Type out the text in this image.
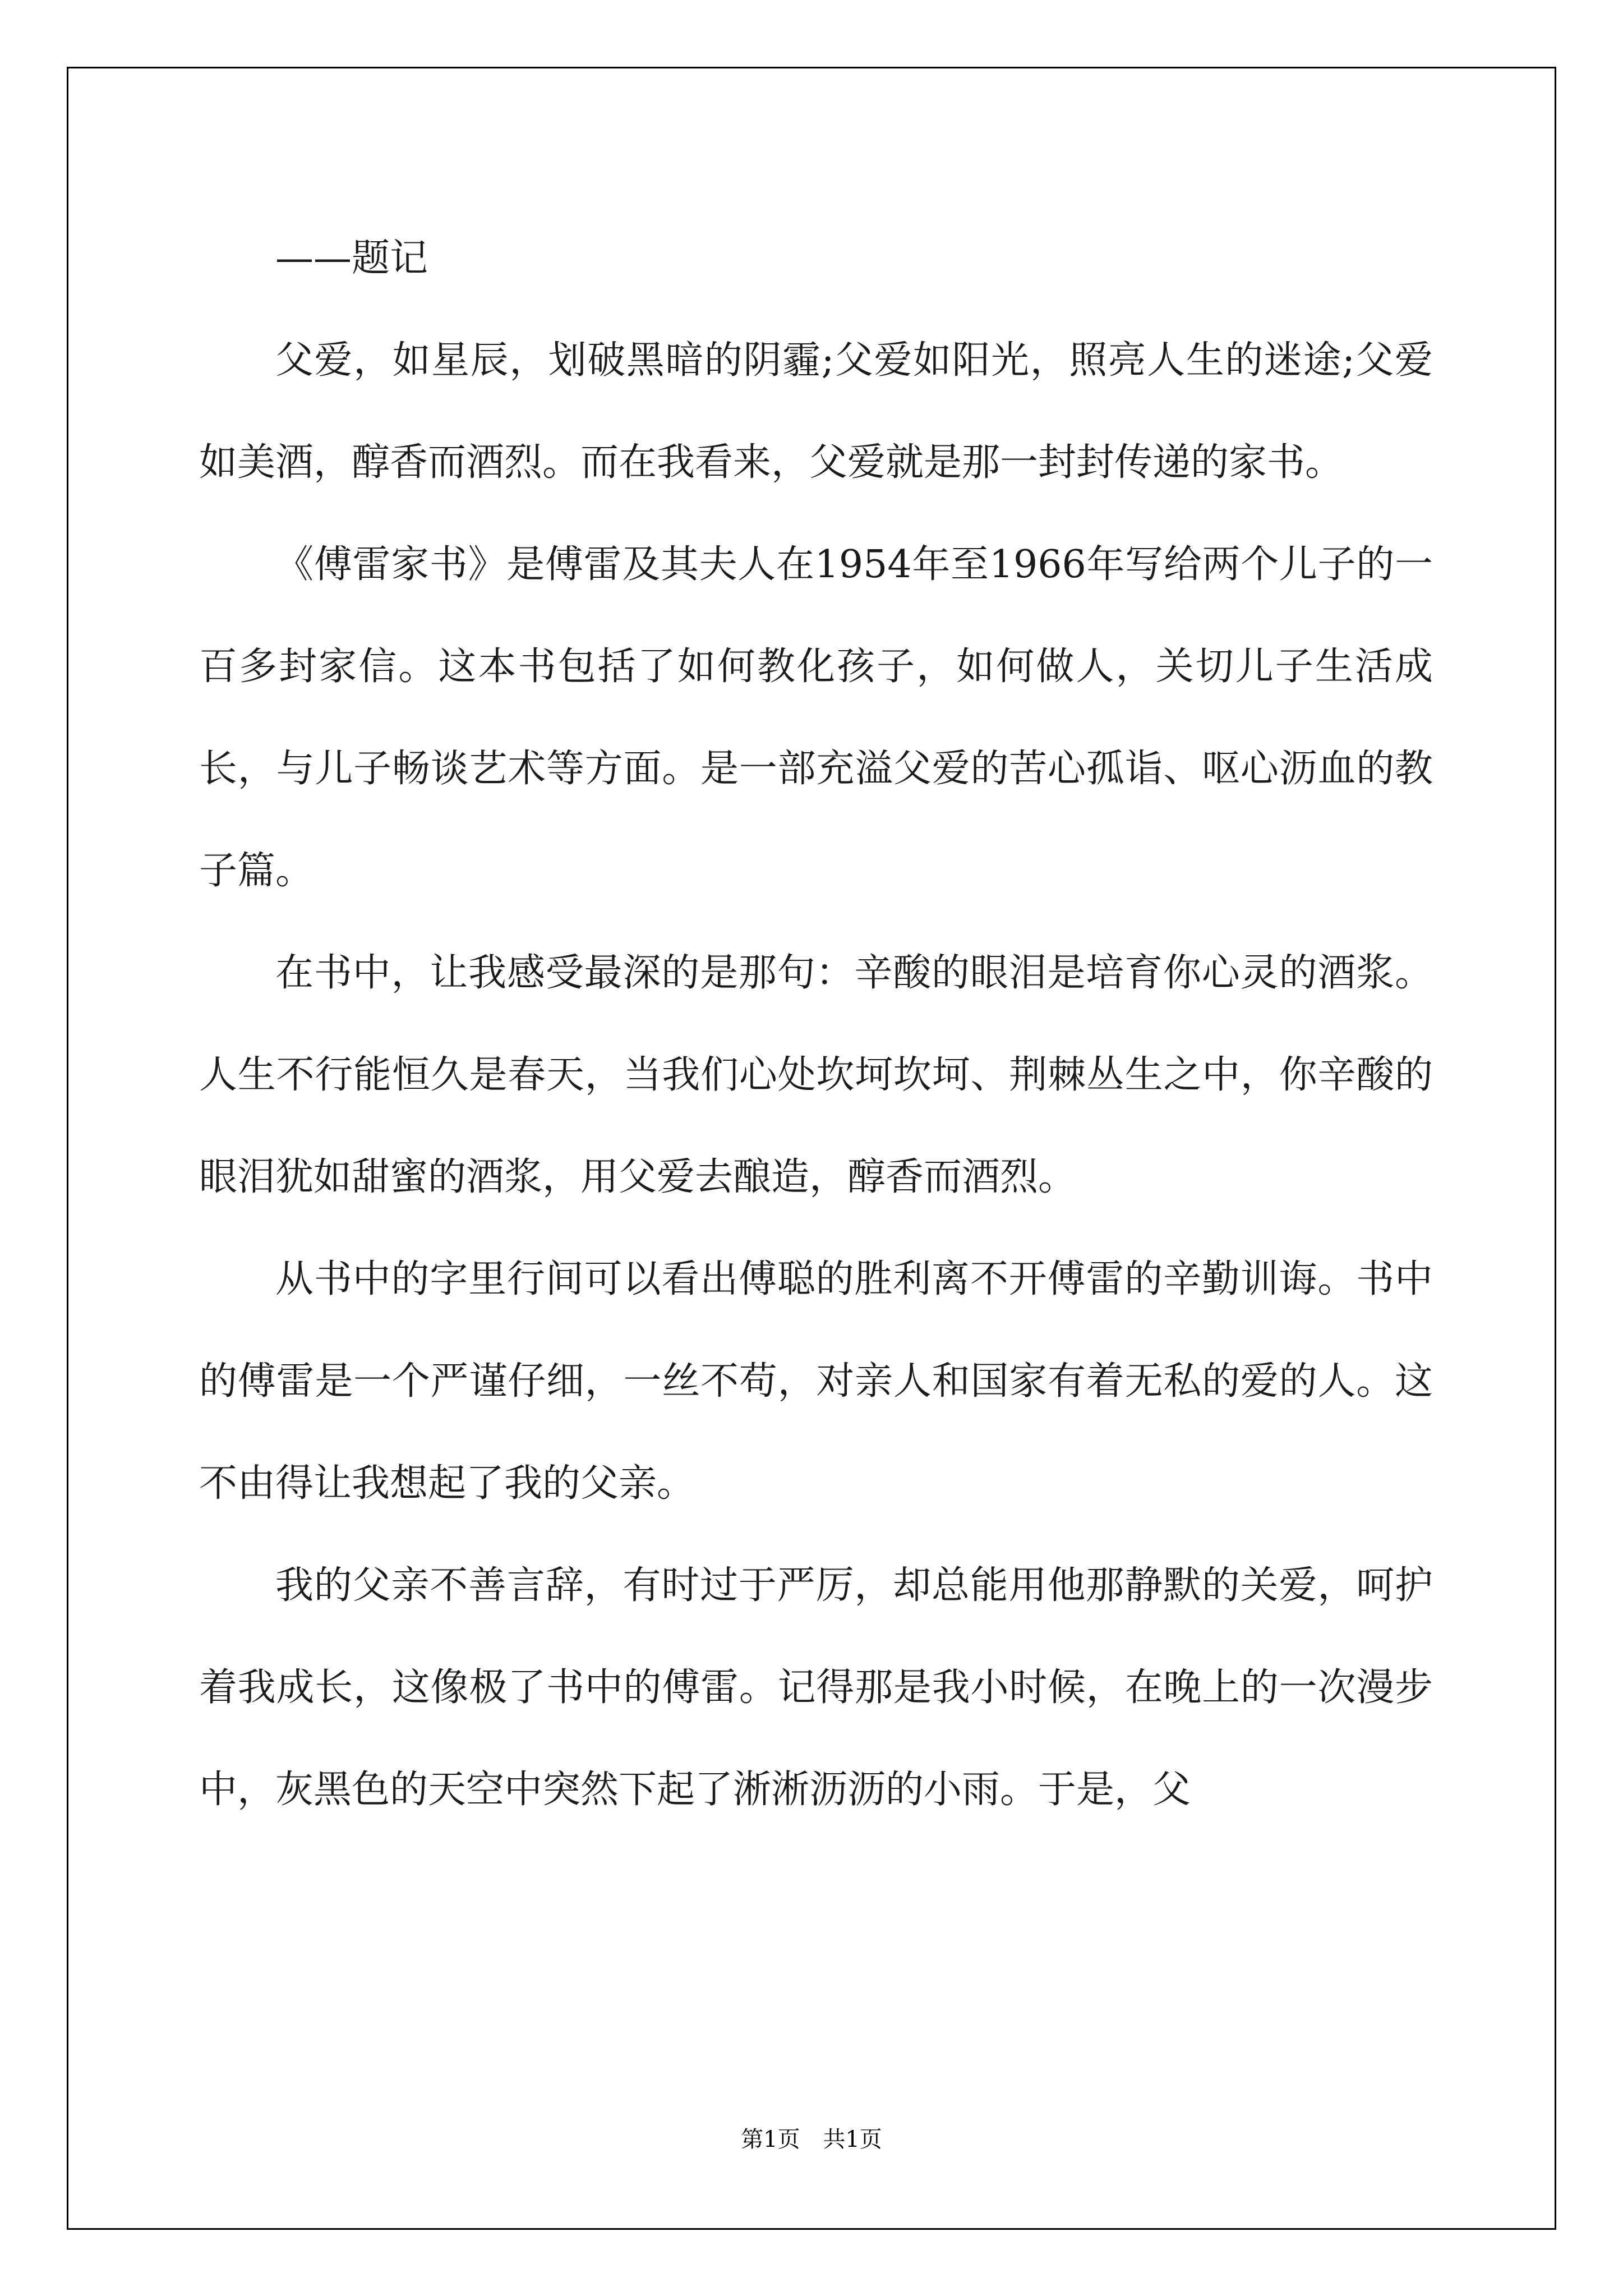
——题记

父爱，如星辰，划破黑暗的阴霾;父爱如阳光，照亮人生的迷途;父爱如美酒，醇香而酒烈。而在我看来，父爱就是那一封封传递的家书。

《傅雷家书》是傅雷及其夫人在1954年至1966年写给两个儿子的一百多封家信。这本书包括了如何教化孩子，如何做人，关切儿子生活成长，与儿子畅谈艺术等方面。是一部充溢父爱的苦心孤诣、呕心沥血的教子篇。

在书中，让我感受最深的是那句：辛酸的眼泪是培育你心灵的酒浆。人生不行能恒久是春天，当我们心处坎坷坎坷、荆棘丛生之中，你辛酸的眼泪犹如甜蜜的酒浆，用父爱去酿造，醇香而酒烈。

从书中的字里行间可以看出傅聪的胜利离不开傅雷的辛勤训诲。书中的傅雷是一个严谨仔细，一丝不苟，对亲人和国家有着无私的爱的人。这不由得让我想起了我的父亲。

我的父亲不善言辞，有时过于严厉，却总能用他那静默的关爱，呵护着我成长，这像极了书中的傅雷。记得那是我小时候，在晚上的一次漫步中，灰黑色的天空中突然下起了淅淅沥沥的小雨。于是，父

第1页 共1页
